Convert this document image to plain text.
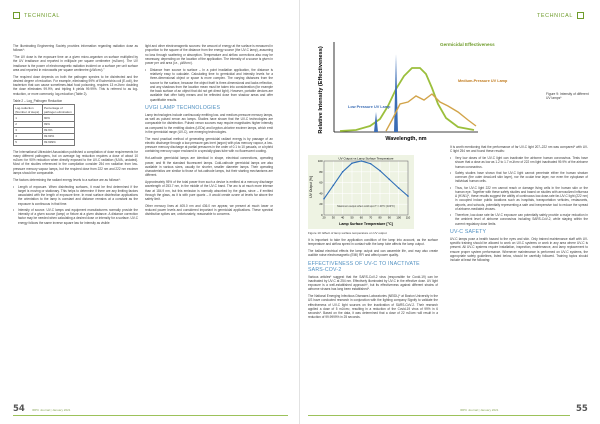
TECHNICAL

The Illuminating Engineering Society provides information regarding radiation dose as follows*:

"The UV dose is the exposure time on a given micro-organism on surface multiplied by the UV irradiance and reported in millijoule per square centimetre (mJ/cm²). The UV irradiance is the power of electromagnetic radiation incident on a surface per unit surface area and reported in microwatts per square centimetre (µW/cm²)."

The required dose depends on both the pathogen species to be disinfected and the desired degree of reduction. For example, eliminating 99% of Escherichia coli (E.coli), the bacterium that can cause sometimes-fatal food poisoning, requires 13 mJ/cm² doubling the dose eliminates 99.9%, and tripling it yields 99.99%. This is referred to as log-reduction, or more commonly, log-reduction (Table 2).

Table 2 – Log_Pathogen Reduction
Log-reduction (Number of steps)	Percentage of pathogen elimination
1	90%
2	99%
3	99.9%
4	99.99%
5	99.999%

The International Ultraviolet Association published a compilation of dose requirements for many different pathogens, but on average log reduction requires a dose of about 10 mJ/cm² for 90% reduction when directly exposed to the UV-C radiation (IUVA, undated). Most of the studies referenced in the compilation consider 254 nm radiation from low-pressure mercury vapour lamps, but the required dose from 222 nm and 222 nm excimer lamps should be comparable.

The factors determining the radiant energy levels to a surface are as follows*:

• Length of exposure. When disinfecting surfaces, it must be first determined if the target is moving or stationary. This helps to determine if there are any limiting factors associated with the length of exposure time. In most surface disinfection applications the orientation to the lamp is constant and distance remains at a constant as the exposure is continuous in that time.
• Intensity of source. UV-C lamps and equipment manufacturers normally provide the intensity of a given source (lamp) or fixture at a given distance. A distance correction factor may be needed when calculating a desired dose or intensity for a surface. UV-C energy follows the same inverse square law for intensity as visible

light and other electromagnetic sources: the amount of energy at the surface is measured in proportion to the square of the distance from the energy source (the UV-C lamp), assuming no loss through scattering or absorption. Temperature and airflow corrections also may be necessary, depending on the location of the application. The intensity of a source is given in power per unit area (i.e., µW/cm²).

• Distance from source to surface – In a point irradiation application, the distance is relatively easy to calculate. Calculating time to germicidal and intensity levels for a three-dimensional object or space is more complex. The varying distances from the source to the surface, because the object itself is three-dimensional and lacks reflection, and any shadows from the location mean must be taken into consideration (for example the back surface of an object that did not get direct light). However, portable devices are available that offer fairly means and be reflected dose from shadow areas and offer quantifiable results.
UVGI LAMP TECHNOLOGIES

Lamp technologies include continuously emitting low- and medium-pressure mercury lamps, as well as pulsed xenon arc lamps. Studies have shown that the UV-C technologies are comparable for disinfection. Pulsed xenon sources may require magnitudes higher intensity as compared to the emitting diodes (LEDs) and krypton-chlorine excimer lamps, which emit in the germicidal range (UV-C), are emerging technologies.

The most practical method of generating germicidal radiant energy is by passage of an electric discharge through a low-pressure gas inert (argon) with plus mercury vapour, a low-pressure mercury discharge at partial pressures in the order of 0.1 to 10 pascals, or a hybrid containing mercury vapor enclosed in a specially glass tube with no fluorescent coating.

Hot-cathode germicidal lamps are identical in shape, electrical connections, operating power, and fit the standard fluorescent lamps. Cold-cathode germicidal lamps are also available in various sizes, usually for shorter, smaller diameter lamps. Their operating characteristics are similar to those of hot-cathode lamps, but their starting mechanisms are different.

Approximately 95% of the total power from such a device is emitted at a mercury discharge wavelength of 253.7 nm, in the middle of the UV-C band. The arc is at much more intense than at 184.9 nm, but this emission is normally absorbed by the glass, since – if emitted through the glass, as it is with pure quartz – it would create ozone at levels far above the safety limit.

Other mercury lines at 405.0 nm and 436.0 nm appear, we present at much lower or reduced power levels and considered important in germicidal applications. These spectral distribution spikes are, unfortunately, reasonable to concerns.

54 IRPC Journal | January 2021
TECHNICAL
Relative Intensity (Effectiveness)
Germicidal Effectiveness
Low Pressure UV Lamp
Medium-Pressure UV Lamp
Wavelength, nm
Figure 9: Intensity of different UV lamps*
0
20
40
60
80
100
20 30 40 50 60 70 80 90 100 110
UV Output vs Lamp Surface Temperature
UV Output [%]
Lamp Surface Temperature [°C]
Maximum output when cold spot T = 40°C (104°F)
Figure 10: Effect of lamp surface temperature on UV output

It is worth mentioning that the performance of far UV-C light 207–222 nm was compared* with UV-C light 254 nm and found these results:

• Very low doses of far UV-C light can inactivate the airborne human coronavirus. Tests have shown that a dose as low as 1.2 to 1.7 mJ/cm² of 222 nm light inactivated 99.9% of the airborne human coronavirus.
• Safety studies have shown that far UV-C light cannot penetrate either the human stratum corneum (the outer dead-cell skin layer), nor the ocular tear layer, nor even the cytoplasm of individual human cells.
• Thus, far UV-C light 222 nm cannot reach or damage living cells in the human skin or the human eye. Together with these safety studies and based on studies with aerosolized influenza A (H1N1)*, these results suggest the ability of continuous low-dose-rate far-UV-C light (222 nm) in occupied indoor public locations such as hospitals, transportation vehicles, restaurants, airports, and schools, potentially representing a safe and inexpensive tool to reduce the spread of airborne-mediated viruses.
• Therefore, low-dose rate far UV-C exposure can potentially safely provide a major reduction in the ambient level of airborne coronavirus including SARS-CoV-2, while staying within the current regulatory dose limits.
UV-C SAFETY

UV-C lamps pose a health hazard to the eyes and skin. Only trained maintenance staff with UV-specific training should be allowed to work on UV-C systems or work in any area where UV-C is present. All UV-C systems require installation, inspection, maintenance, and lamp replacement to ensure proper system performance. Whenever maintenance is performed on UV-C systems, the appropriate safety guidelines, listed below, should be carefully followed. Training topics should include at least the following:

It is important to take the application condition of the lamp into account, as the surface temperature and airflow speed in contact with the lamp tube affects the lamp output.

The ballast electrical effects the lamp output and can assemble life, and may also create audible noise electromagnetic (EMI) RFI and affect power quality.

EFFECTIVENESS OF UV-C TO INACTIVATE SARS-COV-2

Various articles* suggest that the SARS-CoV-2 virus (responsible for Covid-19) can be inactivated by UV-C at 254 nm. Effectively illuminated by UV-C in the effective dose. UV light exposure is a well-established approach*, but its effectiveness against different strains of airborne viruses has long been established*.

The National Emerging Infectious Diseases Laboratories (NEIDL)* at Boston University in the US have conducted research in conjunction with the lighting company Signify to validate the effectiveness of UV-C light sources on the inactivation of SARS-CoV-2. Their research applied a dose of 5 mJ/cm², resulting in a reduction of the Covid-19 virus of 99% in 6 seconds*. Based on the data, it was determined that a dose of 22 mJ/cm² will result in a reduction of 99.9999% in 25 seconds.

IRPC Journal | January 2021	55
